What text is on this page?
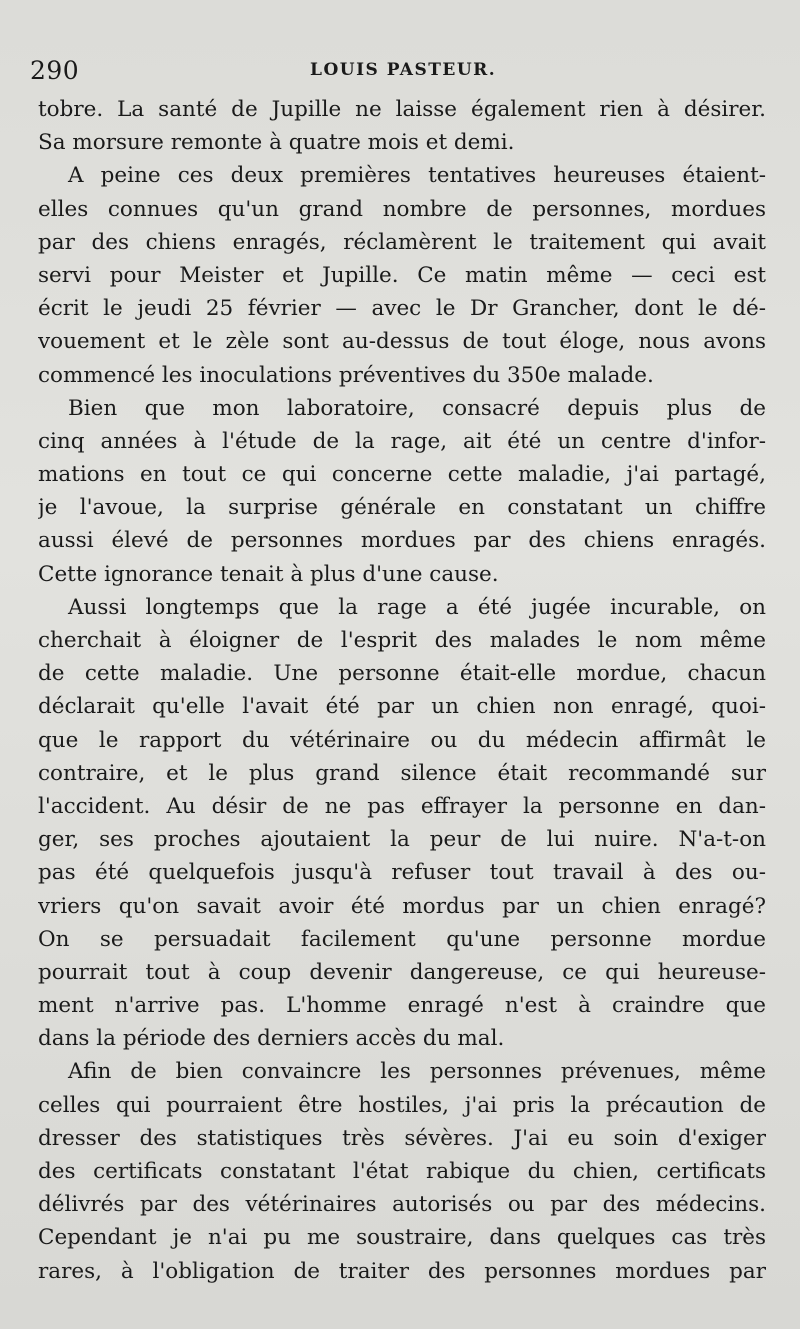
290	LOUIS PASTEUR.
tobre. La santé de Jupille ne laisse également rien à désirer.
Sa morsure remonte à quatre mois et demi.
A peine ces deux premières tentatives heureuses étaient-
elles connues qu'un grand nombre de personnes, mordues
par des chiens enragés, réclamèrent le traitement qui avait
servi pour Meister et Jupille. Ce matin même — ceci est
écrit le jeudi 25 février — avec le Dr Grancher, dont le dé-
vouement et le zèle sont au-dessus de tout éloge, nous avons
commencé les inoculations préventives du 350e malade.
Bien que mon laboratoire, consacré depuis plus de
cinq années à l'étude de la rage, ait été un centre d'infor-
mations en tout ce qui concerne cette maladie, j'ai partagé,
je l'avoue, la surprise générale en constatant un chiffre
aussi élevé de personnes mordues par des chiens enragés.
Cette ignorance tenait à plus d'une cause.
Aussi longtemps que la rage a été jugée incurable, on
cherchait à éloigner de l'esprit des malades le nom même
de cette maladie. Une personne était-elle mordue, chacun
déclarait qu'elle l'avait été par un chien non enragé, quoi-
que le rapport du vétérinaire ou du médecin affirmât le
contraire, et le plus grand silence était recommandé sur
l'accident. Au désir de ne pas effrayer la personne en dan-
ger, ses proches ajoutaient la peur de lui nuire. N'a-t-on
pas été quelquefois jusqu'à refuser tout travail à des ou-
vriers qu'on savait avoir été mordus par un chien enragé?
On se persuadait facilement qu'une personne mordue
pourrait tout à coup devenir dangereuse, ce qui heureuse-
ment n'arrive pas. L'homme enragé n'est à craindre que
dans la période des derniers accès du mal.
Afin de bien convaincre les personnes prévenues, même
celles qui pourraient être hostiles, j'ai pris la précaution de
dresser des statistiques très sévères. J'ai eu soin d'exiger
des certificats constatant l'état rabique du chien, certificats
délivrés par des vétérinaires autorisés ou par des médecins.
Cependant je n'ai pu me soustraire, dans quelques cas très
rares, à l'obligation de traiter des personnes mordues par
